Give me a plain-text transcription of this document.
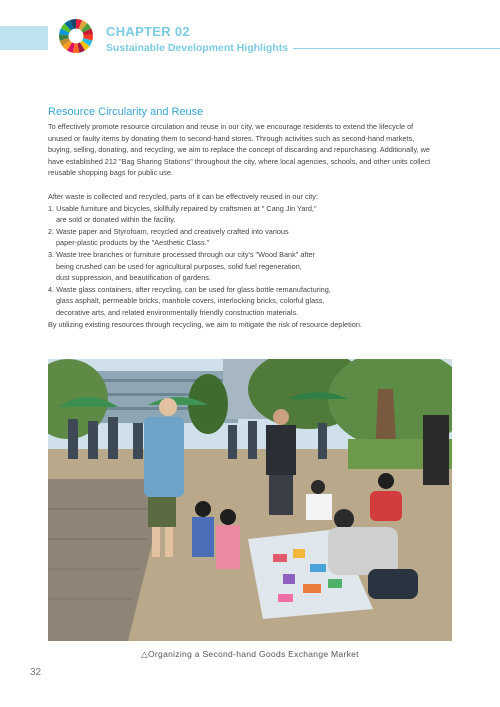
CHAPTER 02
Sustainable Development Highlights
Resource Circularity and Reuse
To effectively promote resource circulation and reuse in our city, we encourage residents to extend the lifecycle of
unused or faulty items by donating them to second-hand stores. Through activities such as second-hand markets,
buying, selling, donating, and recycling, we aim to replace the concept of discarding and repurchasing. Additionally, we
have established 212 "Bag Sharing Stations" throughout the city, where local agencies, schools, and other units collect
reusable shopping bags for public use.
After waste is collected and recycled, parts of it can be effectively reused in our city:
1. Usable furniture and bicycles, skillfully repaired by craftsmen at " Cang Jin Yard,"
are sold or donated within the facility.
2. Waste paper and Styrofoam, recycled and creatively crafted into various
paper-plastic products by the "Aesthetic Class."
3. Waste tree branches or furniture processed through our city's "Wood Bank" after
being crushed can be used for agricultural purposes, solid fuel regeneration,
dust suppression, and beautification of gardens.
4. Waste glass containers, after recycling, can be used for glass bottle remanufacturing,
glass asphalt, permeable bricks, manhole covers, interlocking bricks, colorful glass,
decorative arts, and related environmentally friendly construction materials.
By utilizing existing resources through recycling, we aim to mitigate the risk of resource depletion.
△Organizing a Second-hand Goods Exchange Market
32
